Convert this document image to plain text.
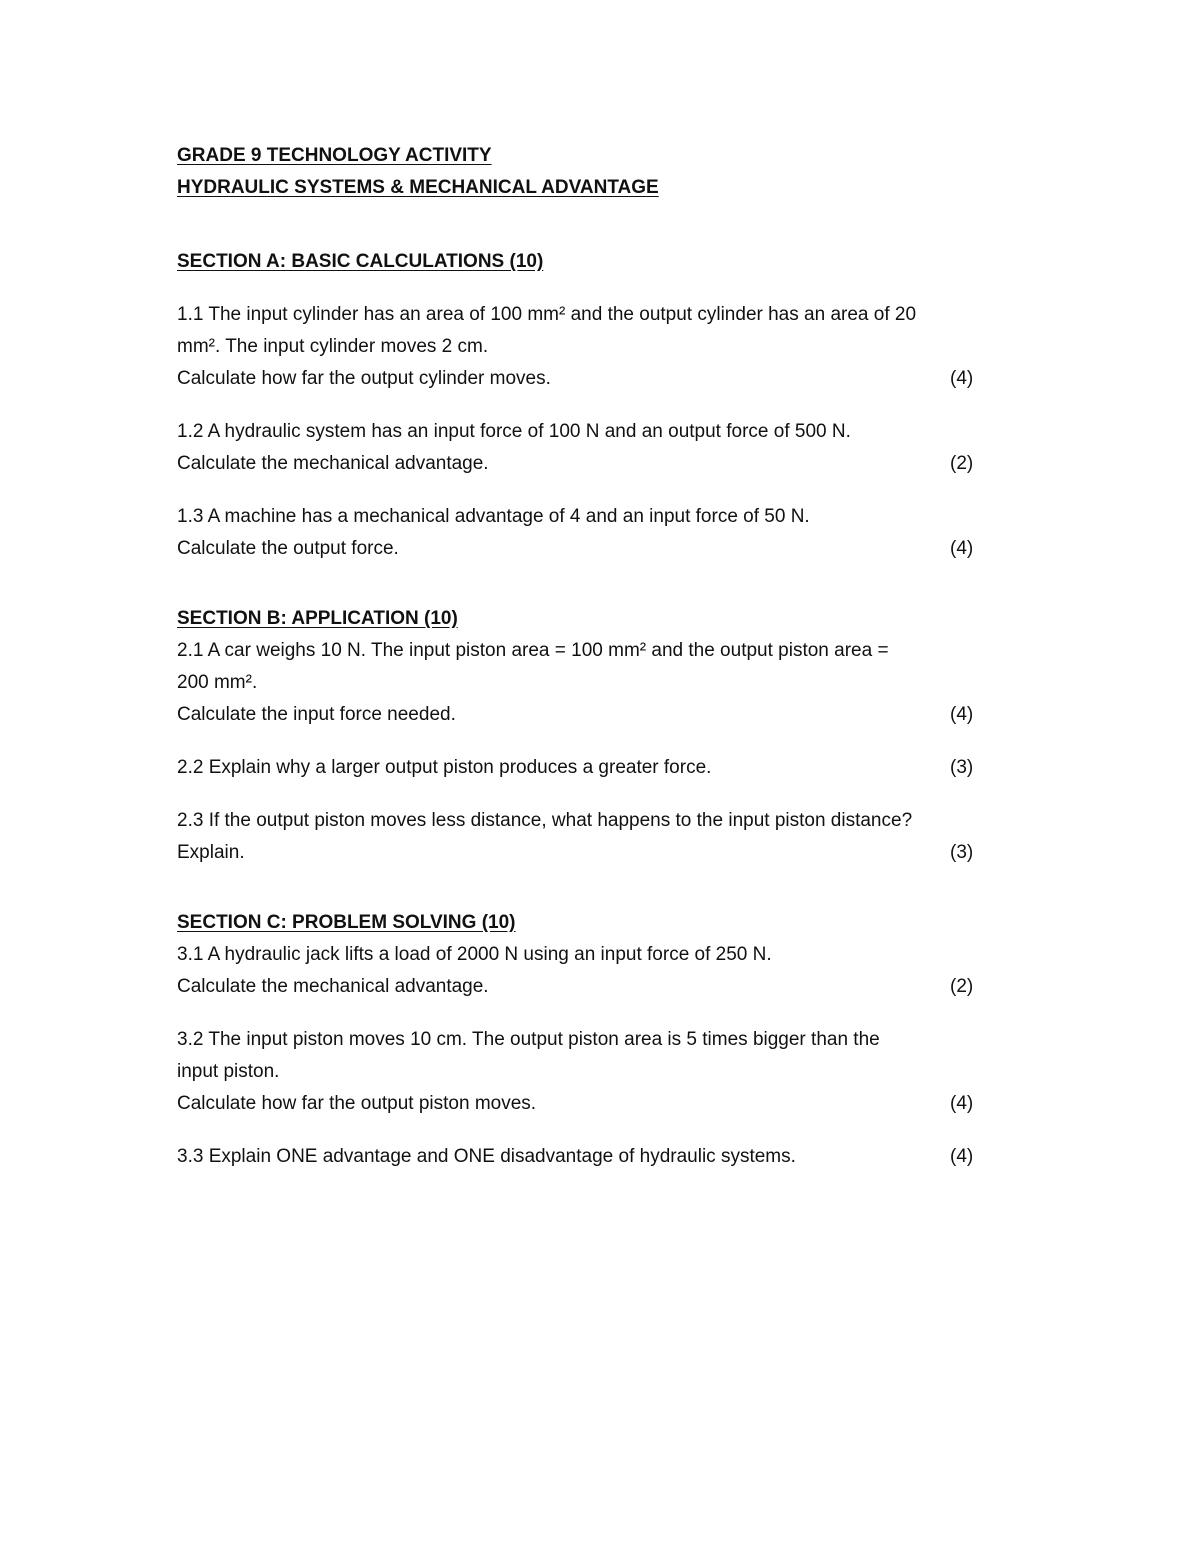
GRADE 9 TECHNOLOGY ACTIVITY
HYDRAULIC SYSTEMS & MECHANICAL ADVANTAGE
SECTION A: BASIC CALCULATIONS (10)
1.1 The input cylinder has an area of 100 mm² and the output cylinder has an area of 20
mm². The input cylinder moves 2 cm.
Calculate how far the output cylinder moves.	(4)
1.2 A hydraulic system has an input force of 100 N and an output force of 500 N.
Calculate the mechanical advantage.	(2)
1.3 A machine has a mechanical advantage of 4 and an input force of 50 N.
Calculate the output force.	(4)
SECTION B: APPLICATION (10)
2.1 A car weighs 10 N. The input piston area = 100 mm² and the output piston area =
200 mm².
Calculate the input force needed.	(4)
2.2 Explain why a larger output piston produces a greater force.	(3)
2.3 If the output piston moves less distance, what happens to the input piston distance?
Explain.	(3)
SECTION C: PROBLEM SOLVING (10)
3.1 A hydraulic jack lifts a load of 2000 N using an input force of 250 N.
Calculate the mechanical advantage.	(2)
3.2 The input piston moves 10 cm. The output piston area is 5 times bigger than the
input piston.
Calculate how far the output piston moves.	(4)
3.3 Explain ONE advantage and ONE disadvantage of hydraulic systems.	(4)
